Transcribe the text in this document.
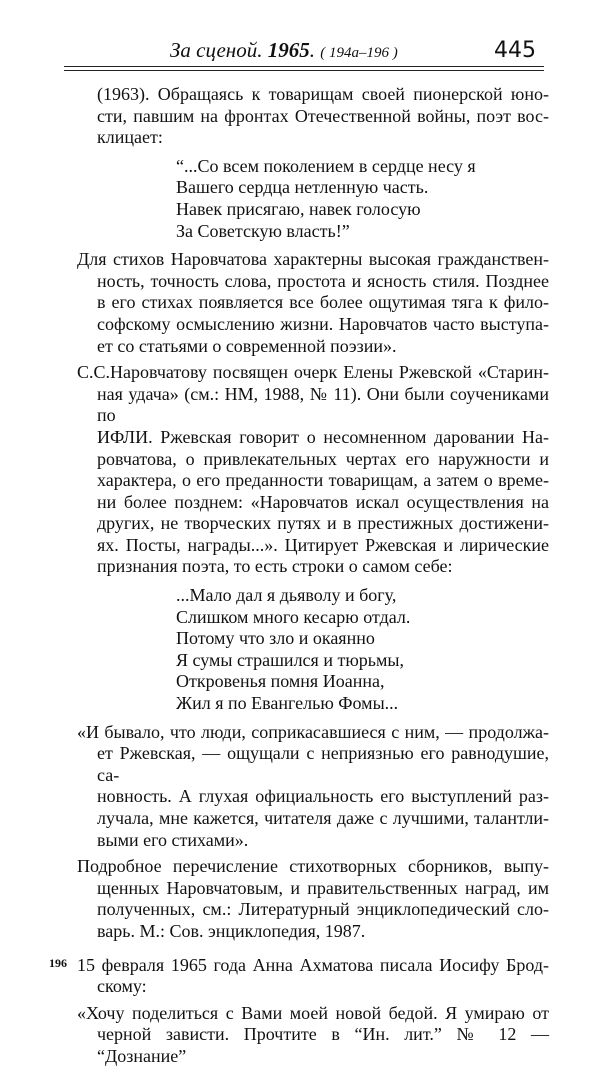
За сценой. 1965. ( 194а–196 )	445
(1963). Обращаясь к товарищам своей пионерской юно-
сти, павшим на фронтах Отечественной войны, поэт вос-
клицает:
“...Со всем поколением в сердце несу я
Вашего сердца нетленную часть.
Навек присягаю, навек голосую
За Советскую власть!”
Для стихов Наровчатова характерны высокая гражданствен-
ность, точность слова, простота и ясность стиля. Позднее
в его стихах появляется все более ощутимая тяга к фило-
софскому осмыслению жизни. Наровчатов часто выступа-
ет со статьями о современной поэзии».
С.С.Наровчатову посвящен очерк Елены Ржевской «Старин-
ная удача» (см.: НМ, 1988, № 11). Они были соучениками по
ИФЛИ. Ржевская говорит о несомненном даровании На-
ровчатова, о привлекательных чертах его наружности и
характера, о его преданности товарищам, а затем о време-
ни более позднем: «Наровчатов искал осуществления на
других, не творческих путях и в престижных достижени-
ях. Посты, награды...». Цитирует Ржевская и лирические
признания поэта, то есть строки о самом себе:
...Мало дал я дьяволу и богу,
Слишком много кесарю отдал.
Потому что зло и окаянно
Я сумы страшился и тюрьмы,
Откровенья помня Иоанна,
Жил я по Евангелью Фомы...
«И бывало, что люди, соприкасавшиеся с ним, — продолжа-
ет Ржевская, — ощущали с неприязнью его равнодушие, са-
новность. А глухая официальность его выступлений раз-
лучала, мне кажется, читателя даже с лучшими, талантли-
выми его стихами».
Подробное перечисление стихотворных сборников, выпу-
щенных Наровчатовым, и правительственных наград, им
полученных, см.: Литературный энциклопедический сло-
варь. М.: Сов. энциклопедия, 1987.
196 15 февраля 1965 года Анна Ахматова писала Иосифу Брод-
скому:
«Хочу поделиться с Вами моей новой бедой. Я умираю от
черной зависти. Прочтите в “Ин. лит.” № 12 — “Дознание”
